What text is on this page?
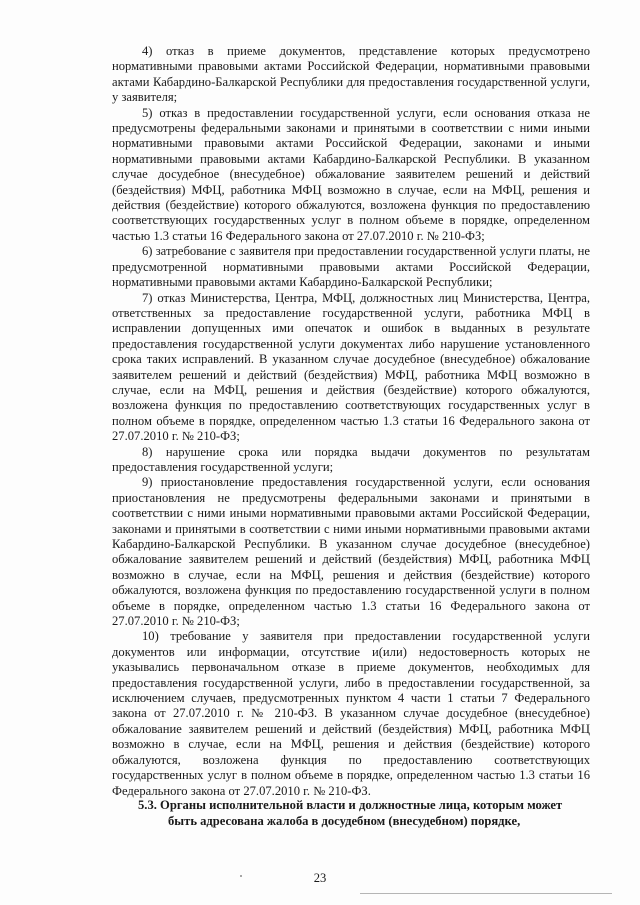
4) отказ в приеме документов, представление которых предусмотрено нормативными правовыми актами Российской Федерации, нормативными правовыми актами Кабардино-Балкарской Республики для предоставления государственной услуги, у заявителя;

5) отказ в предоставлении государственной услуги, если основания отказа не предусмотрены федеральными законами и принятыми в соответствии с ними иными нормативными правовыми актами Российской Федерации, законами и иными нормативными правовыми актами Кабардино-Балкарской Республики. В указанном случае досудебное (внесудебное) обжалование заявителем решений и действий (бездействия) МФЦ, работника МФЦ возможно в случае, если на МФЦ, решения и действия (бездействие) которого обжалуются, возложена функция по предоставлению соответствующих государственных услуг в полном объеме в порядке, определенном частью 1.3 статьи 16 Федерального закона от 27.07.2010 г. № 210-ФЗ;

6) затребование с заявителя при предоставлении государственной услуги платы, не предусмотренной нормативными правовыми актами Российской Федерации, нормативными правовыми актами Кабардино-Балкарской Республики;

7) отказ Министерства, Центра, МФЦ, должностных лиц Министерства, Центра, ответственных за предоставление государственной услуги, работника МФЦ в исправлении допущенных ими опечаток и ошибок в выданных в результате предоставления государственной услуги документах либо нарушение установленного срока таких исправлений. В указанном случае досудебное (внесудебное) обжалование заявителем решений и действий (бездействия) МФЦ, работника МФЦ возможно в случае, если на МФЦ, решения и действия (бездействие) которого обжалуются, возложена функция по предоставлению соответствующих государственных услуг в полном объеме в порядке, определенном частью 1.3 статьи 16 Федерального закона от 27.07.2010 г. № 210-ФЗ;

8) нарушение срока или порядка выдачи документов по результатам предоставления государственной услуги;

9) приостановление предоставления государственной услуги, если основания приостановления не предусмотрены федеральными законами и принятыми в соответствии с ними иными нормативными правовыми актами Российской Федерации, законами и принятыми в соответствии с ними иными нормативными правовыми актами Кабардино-Балкарской Республики. В указанном случае досудебное (внесудебное) обжалование заявителем решений и действий (бездействия) МФЦ, работника МФЦ возможно в случае, если на МФЦ, решения и действия (бездействие) которого обжалуются, возложена функция по предоставлению государственной услуги в полном объеме в порядке, определенном частью 1.3 статьи 16 Федерального закона от 27.07.2010 г. № 210-ФЗ;

10) требование у заявителя при предоставлении государственной услуги документов или информации, отсутствие и(или) недостоверность которых не указывались первоначальном отказе в приеме документов, необходимых для предоставления государственной услуги, либо в предоставлении государственной, за исключением случаев, предусмотренных пунктом 4 части 1 статьи 7 Федерального закона от 27.07.2010 г. № 210-ФЗ. В указанном случае досудебное (внесудебное) обжалование заявителем решений и действий (бездействия) МФЦ, работника МФЦ возможно в случае, если на МФЦ, решения и действия (бездействие) которого обжалуются, возложена функция по предоставлению соответствующих государственных услуг в полном объеме в порядке, определенном частью 1.3 статьи 16 Федерального закона от 27.07.2010 г. № 210-ФЗ.

5.3. Органы исполнительной власти и должностные лица, которым может
быть адресована жалоба в досудебном (внесудебном) порядке,

23
